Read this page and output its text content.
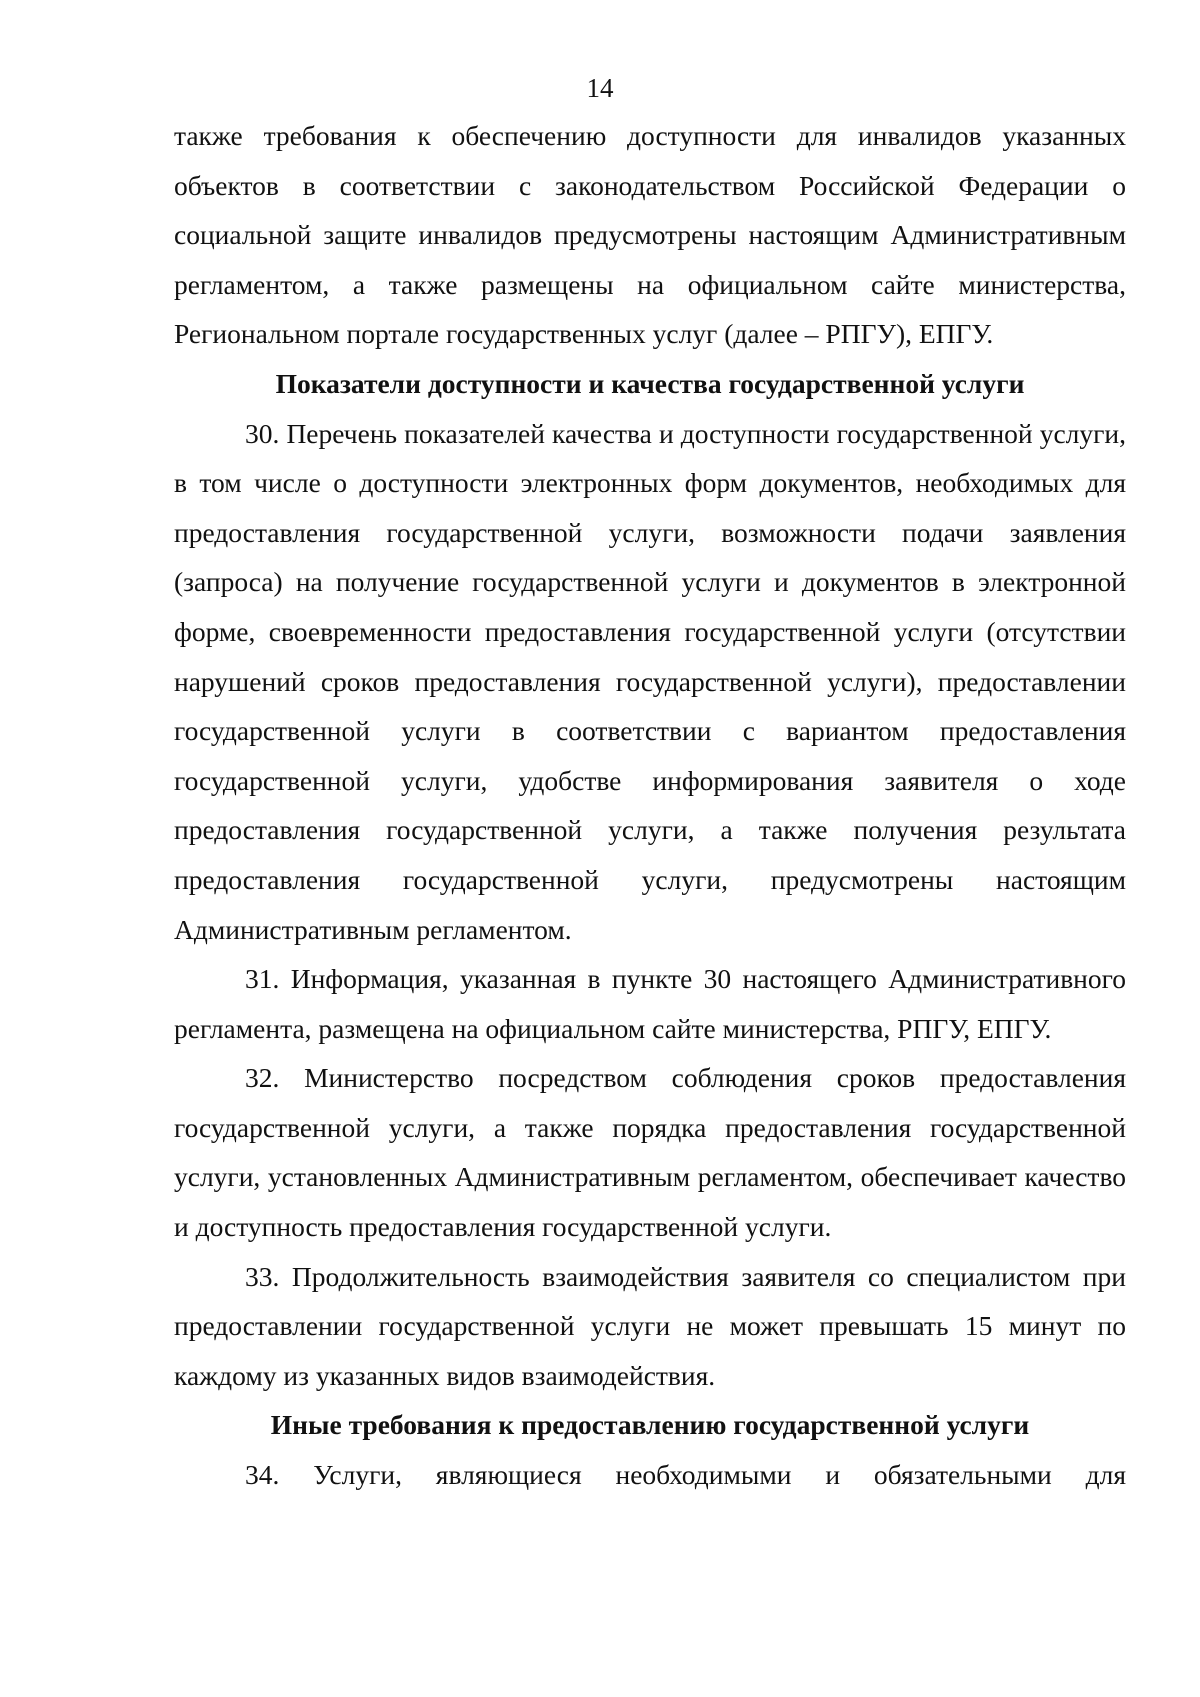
14

также требования к обеспечению доступности для инвалидов указанных объектов в соответствии с законодательством Российской Федерации о социальной защите инвалидов предусмотрены настоящим Административным регламентом, а также размещены на официальном сайте министерства, Региональном портале государственных услуг (далее – РПГУ), ЕПГУ.

Показатели доступности и качества государственной услуги

30. Перечень показателей качества и доступности государственной услуги, в том числе о доступности электронных форм документов, необходимых для предоставления государственной услуги, возможности подачи заявления (запроса) на получение государственной услуги и документов в электронной форме, своевременности предоставления государственной услуги (отсутствии нарушений сроков предоставления государственной услуги), предоставлении государственной услуги в соответствии с вариантом предоставления государственной услуги, удобстве информирования заявителя о ходе предоставления государственной услуги, а также получения результата предоставления государственной услуги, предусмотрены настоящим Административным регламентом.

31. Информация, указанная в пункте 30 настоящего Административного регламента, размещена на официальном сайте министерства, РПГУ, ЕПГУ.

32. Министерство посредством соблюдения сроков предоставления государственной услуги, а также порядка предоставления государственной услуги, установленных Административным регламентом, обеспечивает качество и доступность предоставления государственной услуги.

33. Продолжительность взаимодействия заявителя со специалистом при предоставлении государственной услуги не может превышать 15 минут по каждому из указанных видов взаимодействия.

Иные требования к предоставлению государственной услуги

34. Услуги, являющиеся необходимыми и обязательными для
